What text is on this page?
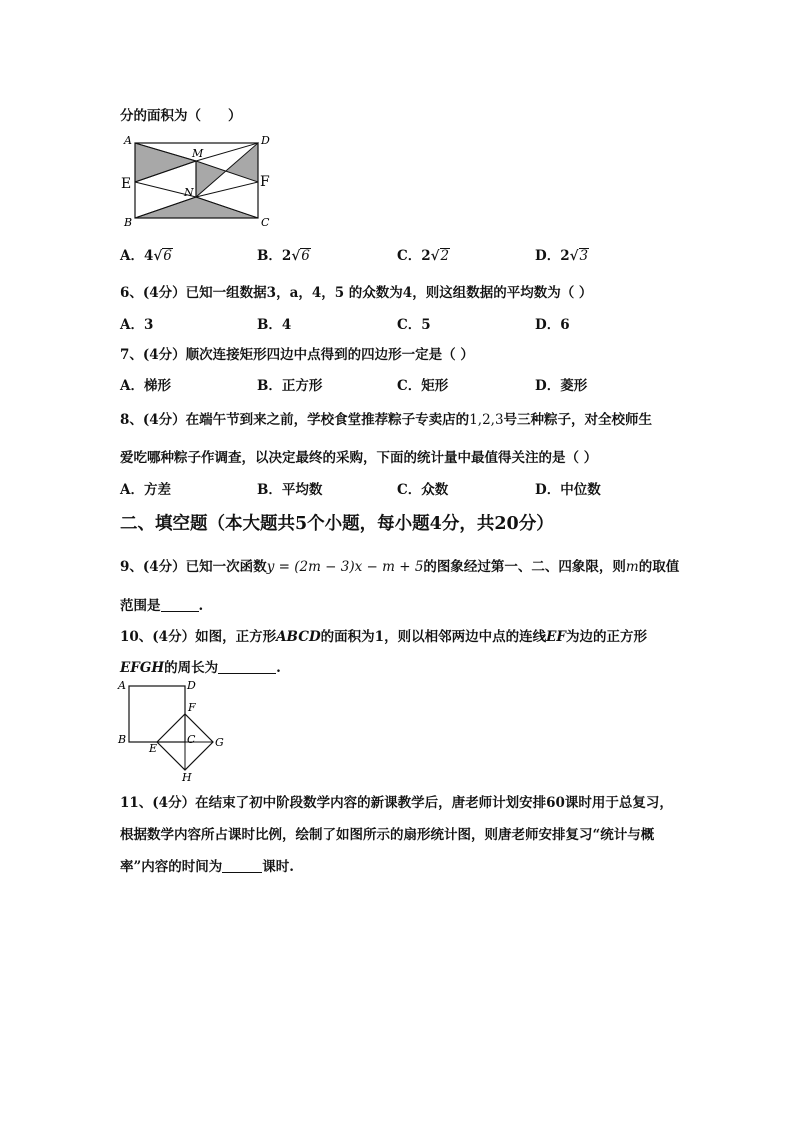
分的面积为（　　）
A	D
M
E	F
N
B	C
A．4√6	B．2√6	C．2√2	D．2√3
6、(4分）已知一组数据3，a，4，5 的众数为4，则这组数据的平均数为（ ）
A．3	B．4	C．5	D．6
7、(4分）顺次连接矩形四边中点得到的四边形一定是（ ）
A．梯形	B．正方形	C．矩形	D．菱形
8、(4分）在端午节到来之前，学校食堂推荐粽子专卖店的1,2,3号三种粽子，对全校师生
爱吃哪种粽子作调查，以决定最终的采购，下面的统计量中最值得关注的是（ ）
A．方差	B．平均数	C．众数	D．中位数
二、填空题（本大题共5个小题，每小题4分，共20分）
9、(4分）已知一次函数y = (2m − 3)x − m + 5的图象经过第一、二、四象限，则m的取值
范围是	.
10、(4分）如图，正方形ABCD的面积为1，则以相邻两边中点的连线EF为边的正方形
EFGH的周长为	.
A	D
F
B
E
C G
H
11、(4分）在结束了初中阶段数学内容的新课教学后，唐老师计划安排60课时用于总复习，
根据数学内容所占课时比例，绘制了如图所示的扇形统计图，则唐老师安排复习“统计与概
率”内容的时间为	课时.
